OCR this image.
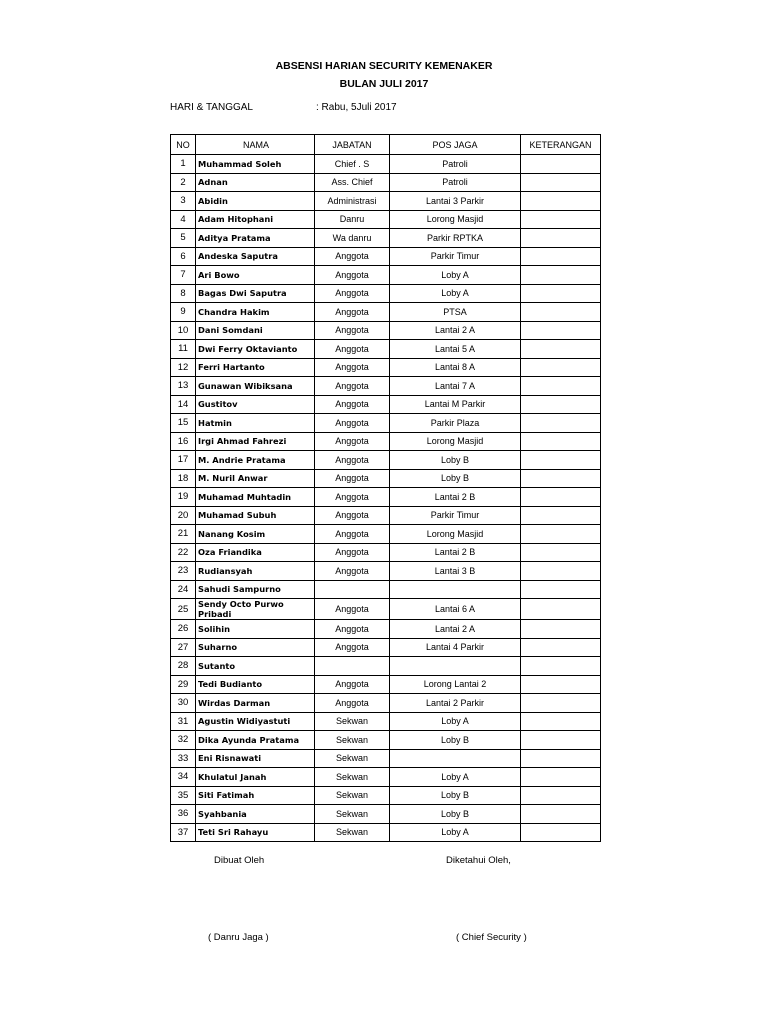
ABSENSI HARIAN SECURITY KEMENAKER
BULAN JULI 2017
HARI & TANGGAL	: Rabu, 5Juli 2017
NO	NAMA	JABATAN	POS JAGA	KETERANGAN
1	Muhammad Soleh	Chief . S	Patroli	
2	Adnan	Ass. Chief	Patroli	
3	Abidin	Administrasi	Lantai 3 Parkir	
4	Adam Hitophani	Danru	Lorong Masjid	
5	Aditya Pratama	Wa danru	Parkir RPTKA	
6	Andeska Saputra	Anggota	Parkir Timur	
7	Ari Bowo	Anggota	Loby A	
8	Bagas Dwi Saputra	Anggota	Loby A	
9	Chandra Hakim	Anggota	PTSA	
10	Dani Somdani	Anggota	Lantai 2 A	
11	Dwi Ferry Oktavianto	Anggota	Lantai 5 A	
12	Ferri Hartanto	Anggota	Lantai 8 A	
13	Gunawan Wibiksana	Anggota	Lantai 7 A	
14	Gustitov	Anggota	Lantai M Parkir	
15	Hatmin	Anggota	Parkir Plaza	
16	Irgi Ahmad Fahrezi	Anggota	Lorong Masjid	
17	M. Andrie Pratama	Anggota	Loby B	
18	M. Nuril Anwar	Anggota	Loby B	
19	Muhamad Muhtadin	Anggota	Lantai 2 B	
20	Muhamad Subuh	Anggota	Parkir Timur	
21	Nanang Kosim	Anggota	Lorong Masjid	
22	Oza Friandika	Anggota	Lantai 2 B	
23	Rudiansyah	Anggota	Lantai 3 B	
24	Sahudi Sampurno			
25	Sendy Octo Purwo Pribadi	Anggota	Lantai 6 A	
26	Solihin	Anggota	Lantai 2 A	
27	Suharno	Anggota	Lantai 4 Parkir	
28	Sutanto			
29	Tedi Budianto	Anggota	Lorong Lantai 2	
30	Wirdas Darman	Anggota	Lantai 2 Parkir	
31	Agustin Widiyastuti	Sekwan	Loby A	
32	Dika Ayunda Pratama	Sekwan	Loby B	
33	Eni Risnawati	Sekwan		
34	Khulatul Janah	Sekwan	Loby A	
35	Siti Fatimah	Sekwan	Loby B	
36	Syahbania	Sekwan	Loby B	
37	Teti Sri Rahayu	Sekwan	Loby A	
Dibuat Oleh	Diketahui Oleh,
( Danru Jaga )	( Chief Security )
